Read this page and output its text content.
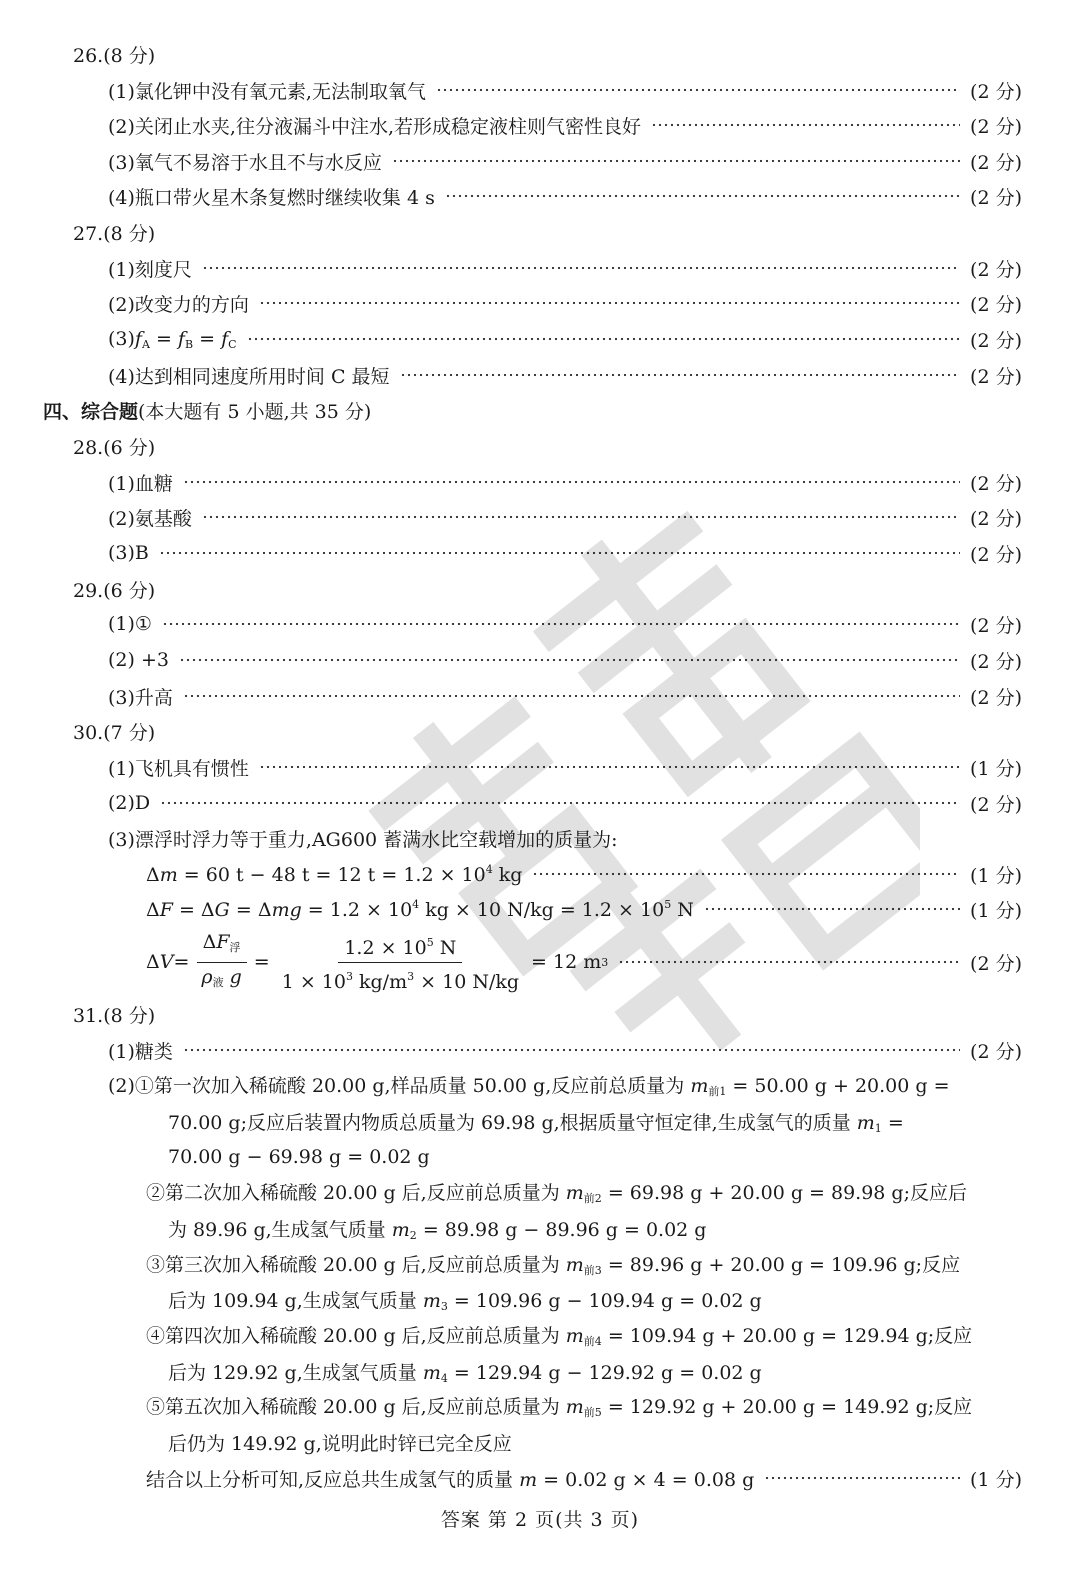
26.(8 分)
(1)氯化钾中没有氧元素,无法制取氧气	(2 分)
(2)关闭止水夹,往分液漏斗中注水,若形成稳定液柱则气密性良好	(2 分)
(3)氧气不易溶于水且不与水反应	(2 分)
(4)瓶口带火星木条复燃时继续收集 4 s	(2 分)
27.(8 分)
(1)刻度尺	(2 分)
(2)改变力的方向	(2 分)
$(3)f_A = f_B = f_C$	(2 分)
(4)达到相同速度所用时间 C 最短	(2 分)
四、综合题 (本大题有 5 小题,共 35 分)
28.(6 分)
(1)血糖	(2 分)
(2)氨基酸	(2 分)
(3)B	(2 分)
29.(6 分)
(1)①	(2 分)
(2) +3	(2 分)
(3)升高	(2 分)
30.(7 分)
(1)飞机具有惯性	(1 分)
(2)D	(2 分)
(3)漂浮时浮力等于重力,AG600 蓄满水比空载增加的质量为:
Δm = 60 t − 48 t = 12 $t = 1.2 \times 10^4$ kg	(1 分)
$\Delta F = \Delta G = \Delta mg = 1.2 \times 10^4$ kg × 10 $N/kg = 1.2 \times 10^5$ N	(1 分)
Δ $V = \frac{\Delta F_浮}{\rho_液 g} = \frac{1.2 \times 10^5 N}{1 \times 10^3 kg/m^3 \times 10 N/kg} = 12$ m 3	(2 分)
31.(8 分)
(1)糖类	(2 分)
(2)①第一次加入稀硫酸 20.00 g,样品质量 50.00 g,反应前总质量为 $m_{前1} = 50.00$ g + 20.00 g =
70.00 g;反应后装置内物质总质量为 69.98 g,根据质量守恒定律,生成氢气的质量 $m_1$ =
70.00 g − 69.98 g = 0.02 g
②第二次加入稀硫酸 20.00 g 后,反应前总质量为 $m_{前2} = 69.98$ g + 20.00 g = 89.98 g;反应后
为 89.96 g,生成氢气质量 $m_2 = 89.98$ g − 89.96 g = 0.02 g
③第三次加入稀硫酸 20.00 g 后,反应前总质量为 $m_{前3} = 89.96$ g + 20.00 g = 109.96 g;反应
后为 109.94 g,生成氢气质量 $m_3 = 109.96$ g − 109.94 g = 0.02 g
④第四次加入稀硫酸 20.00 g 后,反应前总质量为 $m_{前4} = 109.94$ g + 20.00 g = 129.94 g;反应
后为 129.92 g,生成氢气质量 $m_4 = 129.94$ g − 129.92 g = 0.02 g
⑤第五次加入稀硫酸 20.00 g 后,反应前总质量为 $m_{前5} = 129.92$ g + 20.00 g = 149.92 g;反应
后仍为 149.92 g,说明此时锌已完全反应
结合以上分析可知,反应总共生成氢气的质量 m = 0.02 g × 4 = 0.08 g	(1 分)
答案 第 2 页(共 3 页)
